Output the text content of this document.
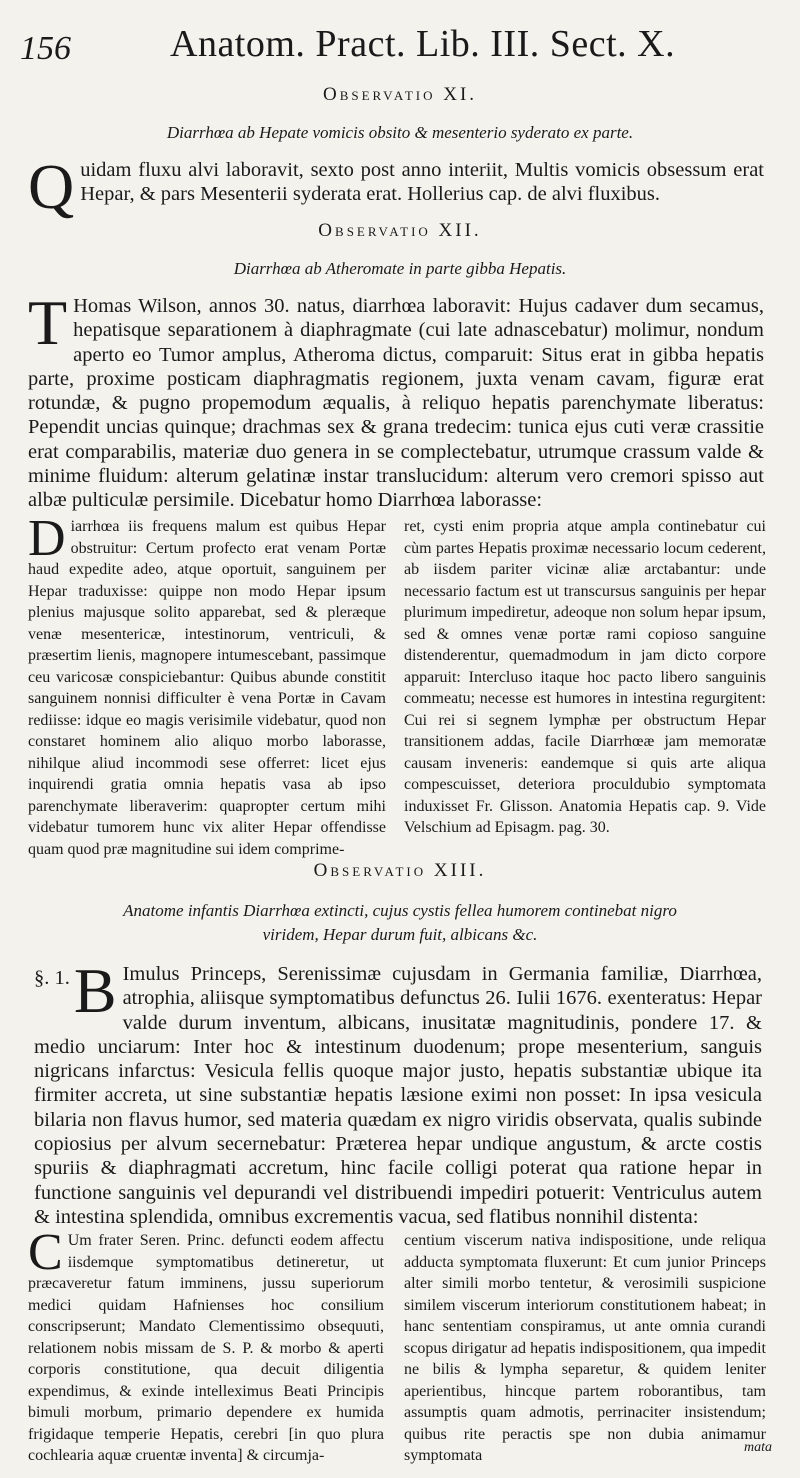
156	Anatom. Pract. Lib. III. Sect. X.
Observatio XI.
Diarrhœa ab Hepate vomicis obsito & mesenterio syderato ex parte.

Quidam fluxu alvi laboravit, sexto post anno interiit, Multis vomicis obsessum erat Hepar, & pars Mesenterii syderata erat. Hollerius cap. de alvi fluxibus.

Observatio XII.
Diarrhœa ab Atheromate in parte gibba Hepatis.

T Homas Wilson, annos 30. natus, diarrhœa laboravit: Hujus cadaver dum secamus, hepatisque separationem à diaphragmate (cui late adnascebatur) molimur, nondum aperto eo Tumor amplus, Atheroma dictus, comparuit: Situs erat in gibba hepatis parte, proxime posticam diaphragmatis regionem, juxta venam cavam, figuræ erat rotundæ, & pugno propemodum æqualis, à reliquo hepatis parenchymate liberatus: Pependit uncias quinque; drachmas sex & grana tredecim: tunica ejus cuti veræ crassitie erat comparabilis, materiæ duo genera in se complectebatur, utrumque crassum valde & minime fluidum: alterum gelatinæ instar translucidum: alterum vero cremori spisso aut albæ pulticulæ persimile. Dicebatur homo Diarrhœa laborasse:

Diarrhœa iis frequens malum est quibus Hepar obstruitur: Certum profecto erat venam Portæ haud expedite adeo, atque oportuit, sanguinem per Hepar traduxisse: quippe non modo Hepar ipsum plenius majusque solito apparebat, sed & pleræque venæ mesentericæ, intestinorum, ventriculi, & præsertim lienis, magnopere intumescebant, passimque ceu varicosæ conspiciebantur: Quibus abunde constitit sanguinem nonnisi difficulter è vena Portæ in Cavam rediisse: idque eo magis verisimile videbatur, quod non constaret hominem alio aliquo morbo laborasse, nihilque aliud incommodi sese offerret: licet ejus inquirendi gratia omnia hepatis vasa ab ipso parenchymate liberaverim: quapropter certum mihi videbatur tumorem hunc vix aliter Hepar offendisse quam quod præ magnitudine sui idem comprime-

ret, cysti enim propria atque ampla continebatur cui cùm partes Hepatis proximæ necessario locum cederent, ab iisdem pariter vicinæ aliæ arctabantur: unde necessario factum est ut transcursus sanguinis per hepar plurimum impediretur, adeoque non solum hepar ipsum, sed & omnes venæ portæ rami copioso sanguine distenderentur, quemadmodum in jam dicto corpore apparuit: Intercluso itaque hoc pacto libero sanguinis commeatu; necesse est humores in intestina regurgitent: Cui rei si segnem lymphæ per obstructum Hepar transitionem addas, facile Diarrhœæ jam memoratæ causam inveneris: eandemque si quis arte aliqua compescuisset, deteriora proculdubio symptomata induxisset Fr. Glisson. Anatomia Hepatis cap. 9. Vide Velschium ad Episagm. pag. 30.

Observatio XIII.
Anatome infantis Diarrhœa extincti, cujus cystis fellea humorem continebat nigro
viridem, Hepar durum fuit, albicans &c.

§. 1. B Imulus Princeps, Serenissimæ cujusdam in Germania familiæ, Diarrhœa, atrophia, aliisque symptomatibus defunctus 26. Iulii 1676. exenteratus: Hepar valde durum inventum, albicans, inusitatæ magnitudinis, pondere 17. & medio unciarum: Inter hoc & intestinum duodenum; prope mesenterium, sanguis nigricans infarctus: Vesicula fellis quoque major justo, hepatis substantiæ ubique ita firmiter accreta, ut sine substantiæ hepatis læsione eximi non posset: In ipsa vesicula bilaria non flavus humor, sed materia quædam ex nigro viridis observata, qualis subinde copiosius per alvum secernebatur: Præterea hepar undique angustum, & arcte costis spuriis & diaphragmati accretum, hinc facile colligi poterat qua ratione hepar in functione sanguinis vel depurandi vel distribuendi impediri potuerit: Ventriculus autem & intestina splendida, omnibus excrementis vacua, sed flatibus nonnihil distenta:

C Um frater Seren. Princ. defuncti eodem affectu iisdemque symptomatibus detineretur, ut præcaveretur fatum imminens, jussu superiorum medici quidam Hafnienses hoc consilium conscripserunt; Mandato Clementissimo obsequuti, relationem nobis missam de S. P. & morbo & aperti corporis constitutione, qua decuit diligentia expendimus, & exinde intelleximus Beati Principis bimuli morbum, primario dependere ex humida frigidaque temperie Hepatis, cerebri [in quo plura cochlearia aquæ cruentæ inventa] & circumja-

centium viscerum nativa indispositione, unde reliqua adducta symptomata fluxerunt: Et cum junior Princeps alter simili morbo tentetur, & verosimili suspicione similem viscerum interiorum constitutionem habeat; in hanc sententiam conspiramus, ut ante omnia curandi scopus dirigatur ad hepatis indispositionem, qua impedit ne bilis & lympha separetur, & quidem leniter aperientibus, hincque partem roborantibus, tam assumptis quam admotis, perrinaciter insistendum; quibus rite peractis spe non dubia animamur symptomata	mata
